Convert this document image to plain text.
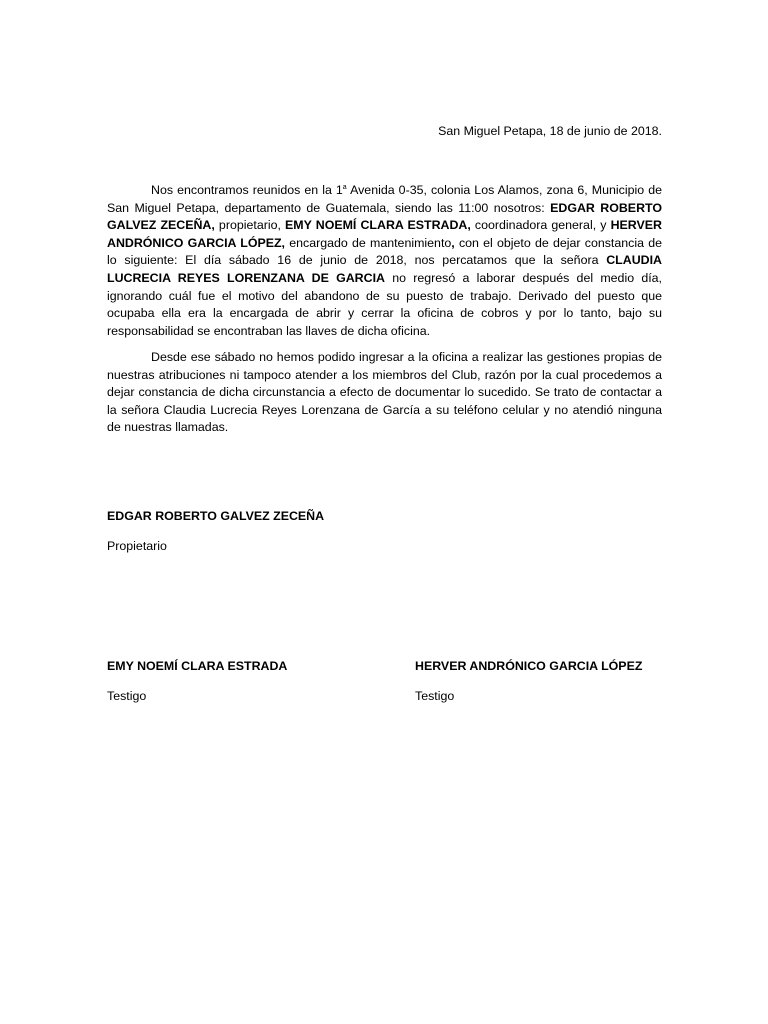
San Miguel Petapa, 18 de junio de 2018.

Nos encontramos reunidos en la 1$^a$ Avenida 0-35, colonia Los Alamos, zona 6, Municipio de San Miguel Petapa, departamento de Guatemala, siendo las 11:00 nosotros: EDGAR ROBERTO GALVEZ ZECEÑA, propietario, EMY NOEMÍ CLARA ESTRADA, coordinadora general, y HERVER ANDRÓNICO GARCIA LÓPEZ, encargado de mantenimiento, con el objeto de dejar constancia de lo siguiente: El día sábado 16 de junio de 2018, nos percatamos que la señora CLAUDIA LUCRECIA REYES LORENZANA DE GARCIA no regresó a laborar después del medio día, ignorando cuál fue el motivo del abandono de su puesto de trabajo. Derivado del puesto que ocupaba ella era la encargada de abrir y cerrar la oficina de cobros y por lo tanto, bajo su responsabilidad se encontraban las llaves de dicha oficina.

Desde ese sábado no hemos podido ingresar a la oficina a realizar las gestiones propias de nuestras atribuciones ni tampoco atender a los miembros del Club, razón por la cual procedemos a dejar constancia de dicha circunstancia a efecto de documentar lo sucedido. Se trato de contactar a la señora Claudia Lucrecia Reyes Lorenzana de García a su teléfono celular y no atendió ninguna de nuestras llamadas.

EDGAR ROBERTO GALVEZ ZECEÑA
Propietario
EMY NOEMÍ CLARA ESTRADA
Testigo
HERVER ANDRÓNICO GARCIA LÓPEZ
Testigo
